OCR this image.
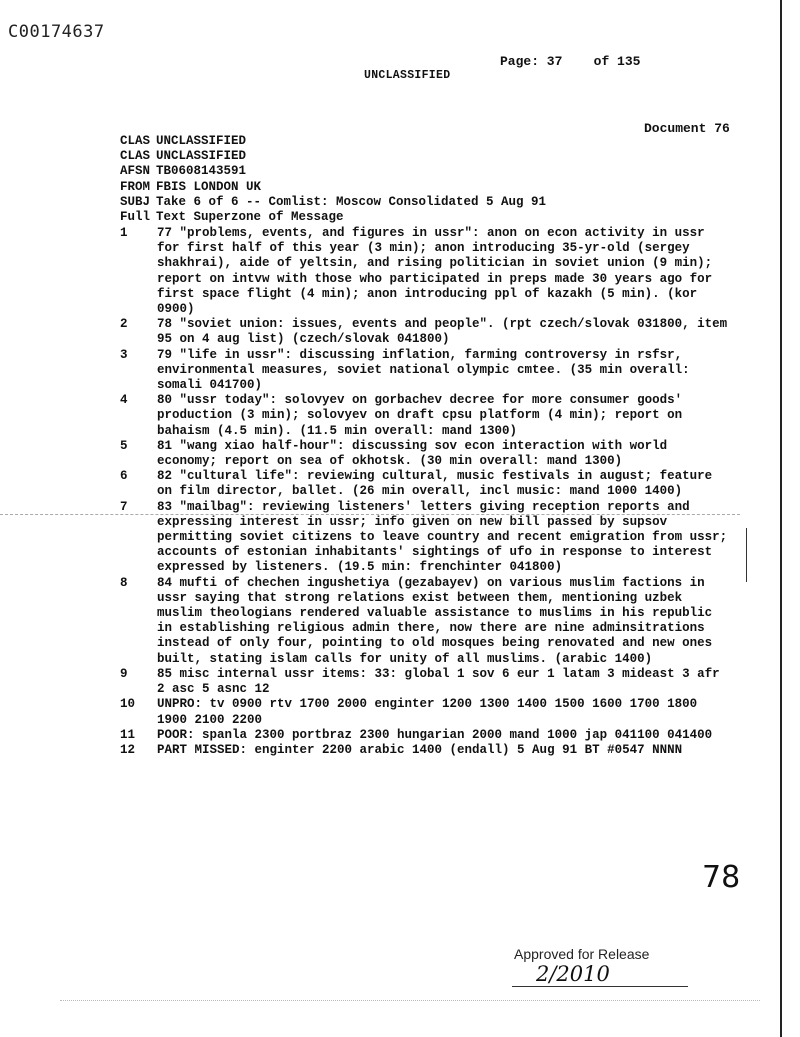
C00174637
Page: 37 of 135
UNCLASSIFIED
Document 76
CLAS UNCLASSIFIED
CLAS UNCLASSIFIED
AFSN TB0608143591
FROM FBIS LONDON UK
SUBJ Take 6 of 6 -- Comlist: Moscow Consolidated 5 Aug 91
Full Text Superzone of Message
1 77 "problems, events, and figures in ussr": anon on econ activity in ussr for first half of this year (3 min); anon introducing 35-yr-old (sergey shakhrai), aide of yeltsin, and rising politician in soviet union (9 min); report on intvw with those who participated in preps made 30 years ago for first space flight (4 min); anon introducing ppl of kazakh (5 min). (kor 0900)
2 78 "soviet union: issues, events and people". (rpt czech/slovak 031800, item 95 on 4 aug list) (czech/slovak 041800)
3 79 "life in ussr": discussing inflation, farming controversy in rsfsr, environmental measures, soviet national olympic cmtee. (35 min overall: somali 041700)
4 80 "ussr today": solovyev on gorbachev decree for more consumer goods' production (3 min); solovyev on draft cpsu platform (4 min); report on bahaism (4.5 min). (11.5 min overall: mand 1300)
5 81 "wang xiao half-hour": discussing sov econ interaction with world economy; report on sea of okhotsk. (30 min overall: mand 1300)
6 82 "cultural life": reviewing cultural, music festivals in august; feature on film director, ballet. (26 min overall, incl music: mand 1000 1400)
7 83 "mailbag": reviewing listeners' letters giving reception reports and expressing interest in ussr; info given on new bill passed by supsov permitting soviet citizens to leave country and recent emigration from ussr; accounts of estonian inhabitants' sightings of ufo in response to interest expressed by listeners. (19.5 min: frenchinter 041800)
8 84 mufti of chechen ingushetiya (gezabayev) on various muslim factions in ussr saying that strong relations exist between them, mentioning uzbek muslim theologians rendered valuable assistance to muslims in his republic in establishing religious admin there, now there are nine adminsitrations instead of only four, pointing to old mosques being renovated and new ones built, stating islam calls for unity of all muslims. (arabic 1400)
9 85 misc internal ussr items: 33: global 1 sov 6 eur 1 latam 3 mideast 3 afr 2 asc 5 asnc 12
10 UNPRO: tv 0900 rtv 1700 2000 enginter 1200 1300 1400 1500 1600 1700 1800 1900 2100 2200
11 POOR: spanla 2300 portbraz 2300 hungarian 2000 mand 1000 jap 041100 041400
12 PART MISSED: enginter 2200 arabic 1400 (endall) 5 Aug 91 BT #0547 NNNN
78
Approved for Release
2/2010
